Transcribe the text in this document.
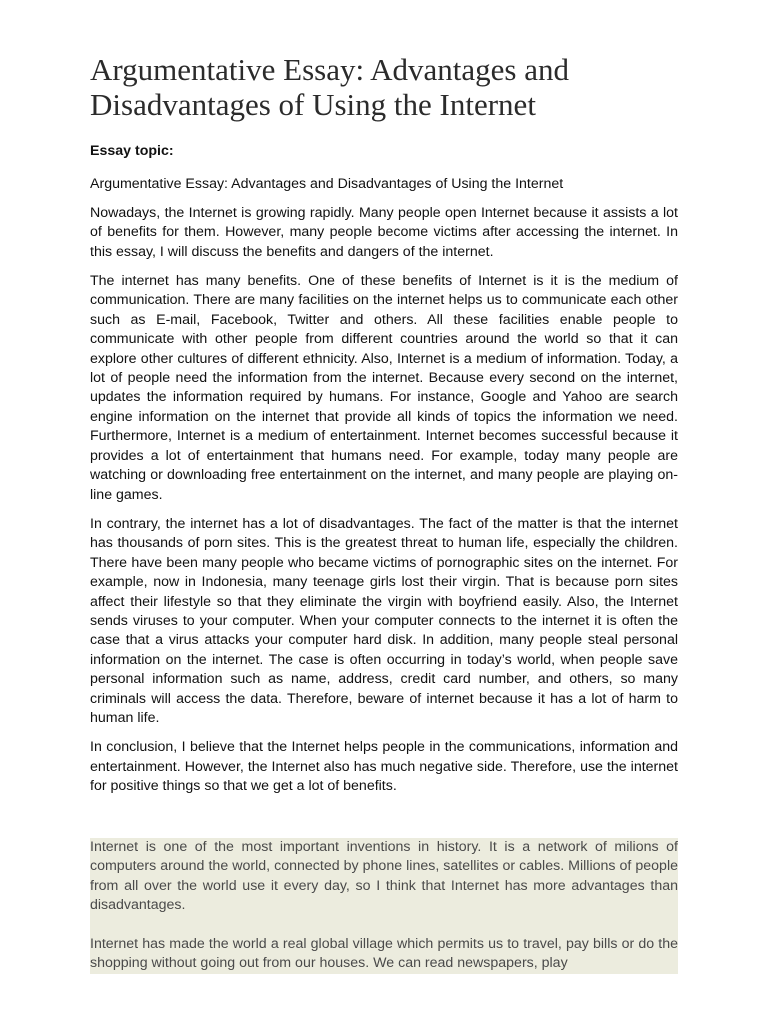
Argumentative Essay: Advantages and Disadvantages of Using the Internet

Essay topic:

Argumentative Essay: Advantages and Disadvantages of Using the Internet

Nowadays, the Internet is growing rapidly. Many people open Internet because it assists a lot of benefits for them. However, many people become victims after accessing the internet. In this essay, I will discuss the benefits and dangers of the internet.

The internet has many benefits. One of these benefits of Internet is it is the medium of communication. There are many facilities on the internet helps us to communicate each other such as E-mail, Facebook, Twitter and others. All these facilities enable people to communicate with other people from different countries around the world so that it can explore other cultures of different ethnicity. Also, Internet is a medium of information. Today, a lot of people need the information from the internet. Because every second on the internet, updates the information required by humans. For instance, Google and Yahoo are search engine information on the internet that provide all kinds of topics the information we need. Furthermore, Internet is a medium of entertainment. Internet becomes successful because it provides a lot of entertainment that humans need. For example, today many people are watching or downloading free entertainment on the internet, and many people are playing on-line games.

In contrary, the internet has a lot of disadvantages. The fact of the matter is that the internet has thousands of porn sites. This is the greatest threat to human life, especially the children. There have been many people who became victims of pornographic sites on the internet. For example, now in Indonesia, many teenage girls lost their virgin. That is because porn sites affect their lifestyle so that they eliminate the virgin with boyfriend easily. Also, the Internet sends viruses to your computer. When your computer connects to the internet it is often the case that a virus attacks your computer hard disk. In addition, many people steal personal information on the internet. The case is often occurring in today’s world, when people save personal information such as name, address, credit card number, and others, so many criminals will access the data. Therefore, beware of internet because it has a lot of harm to human life.

In conclusion, I believe that the Internet helps people in the communications, information and entertainment. However, the Internet also has much negative side. Therefore, use the internet for positive things so that we get a lot of benefits.

Internet is one of the most important inventions in history. It is a network of milions of computers around the world, connected by phone lines, satellites or cables. Millions of people from all over the world use it every day, so I think that Internet has more advantages than disadvantages.

Internet has made the world a real global village which permits us to travel, pay bills or do the shopping without going out from our houses. We can read newspapers, play
